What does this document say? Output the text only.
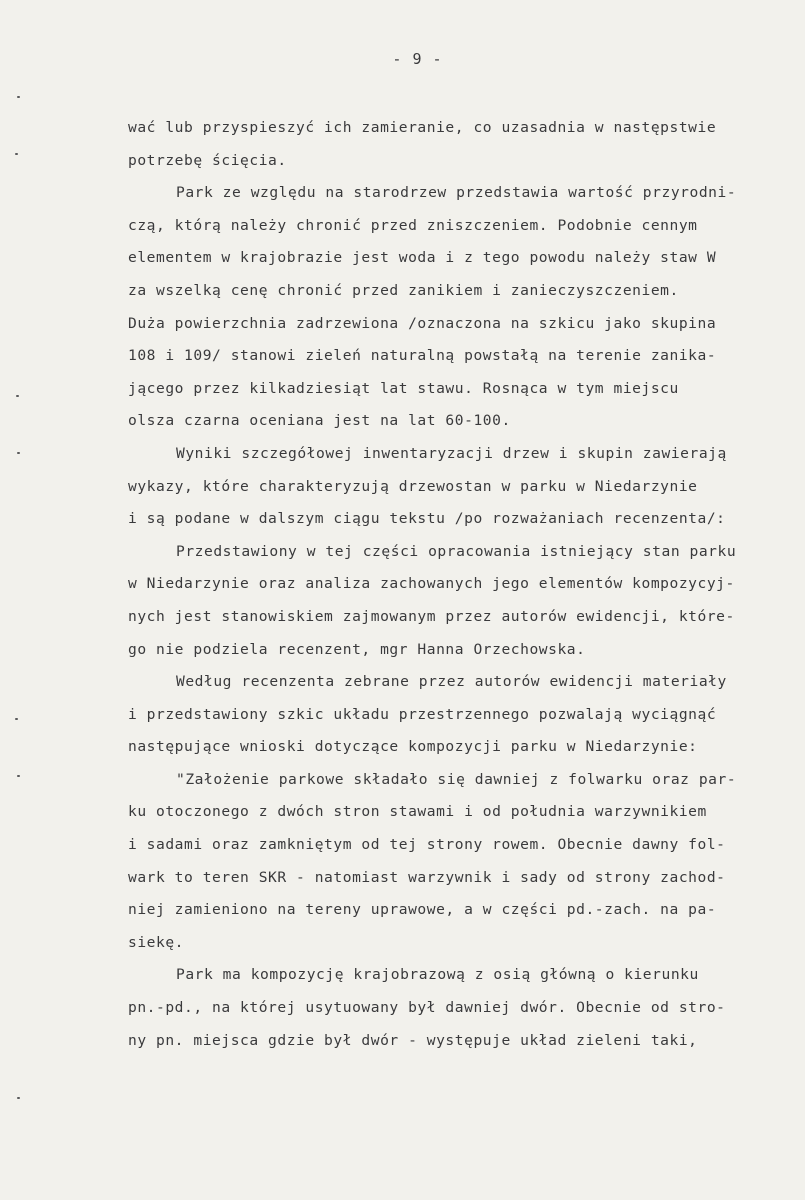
- 9 -
wać lub przyspieszyć ich zamieranie, co uzasadnia w następstwie
potrzebę ścięcia.
Park ze względu na starodrzew przedstawia wartość przyrodni-
czą, którą należy chronić przed zniszczeniem. Podobnie cennym
elementem w krajobrazie jest woda i z tego powodu należy staw W
za wszelką cenę chronić przed zanikiem i zanieczyszczeniem.
Duża powierzchnia zadrzewiona /oznaczona na szkicu jako skupina
108 i 109/ stanowi zieleń naturalną powstałą na terenie zanika-
jącego przez kilkadziesiąt lat stawu. Rosnąca w tym miejscu
olsza czarna oceniana jest na lat 60-100.
Wyniki szczegółowej inwentaryzacji drzew i skupin zawierają
wykazy, które charakteryzują drzewostan w parku w Niedarzynie
i są podane w dalszym ciągu tekstu /po rozważaniach recenzenta/:
Przedstawiony w tej części opracowania istniejący stan parku
w Niedarzynie oraz analiza zachowanych jego elementów kompozycyj-
nych jest stanowiskiem zajmowanym przez autorów ewidencji, które-
go nie podziela recenzent, mgr Hanna Orzechowska.
Według recenzenta zebrane przez autorów ewidencji materiały
i przedstawiony szkic układu przestrzennego pozwalają wyciągnąć
następujące wnioski dotyczące kompozycji parku w Niedarzynie:
"Założenie parkowe składało się dawniej z folwarku oraz par-
ku otoczonego z dwóch stron stawami i od południa warzywnikiem
i sadami oraz zamkniętym od tej strony rowem. Obecnie dawny fol-
wark to teren SKR - natomiast warzywnik i sady od strony zachod-
niej zamieniono na tereny uprawowe, a w części pd.-zach. na pa-
siekę.
Park ma kompozycję krajobrazową z osią główną o kierunku
pn.-pd., na której usytuowany był dawniej dwór. Obecnie od stro-
ny pn. miejsca gdzie był dwór - występuje układ zieleni taki,
